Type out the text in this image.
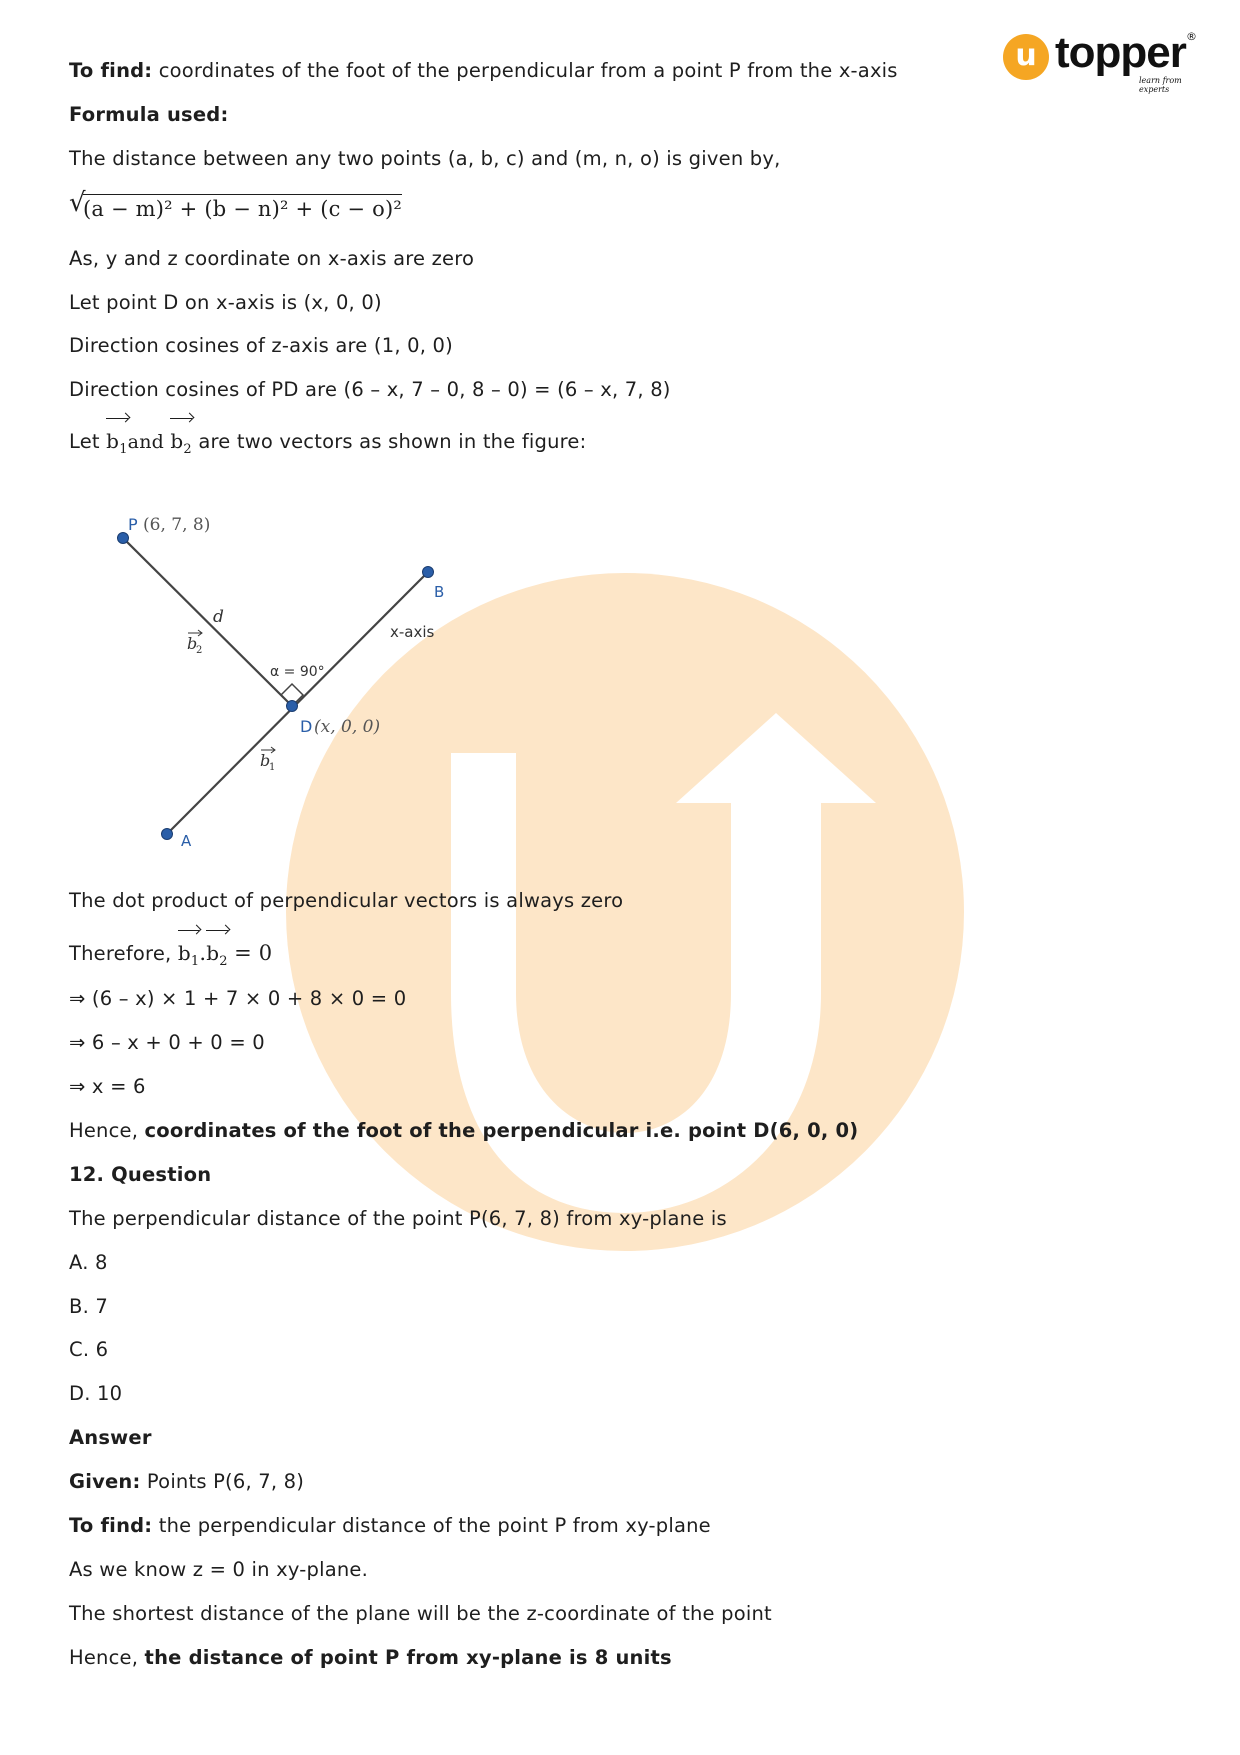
u topper ®
learn from experts
To find: coordinates of the foot of the perpendicular from a point P from the x-axis
Formula used:
The distance between any two points (a, b, c) and (m, n, o) is given by,
√
(a − m)² + (b − n)² + (c − o)²
As, y and z coordinate on x-axis are zero
Let point D on x-axis is (x, 0, 0)
Direction cosines of z-axis are (1, 0, 0)
Direction cosines of PD are (6 – x, 7 – 0, 8 – 0) = (6 – x, 7, 8)
Let $b_1and$ $b_2$ are two vectors as shown in the figure:
The dot product of perpendicular vectors is always zero
Therefore, $b_1$.
$b_2 = 0$
⇒ (6 – x) × 1 + 7 × 0 + 8 × 0 = 0
⇒ 6 – x + 0 + 0 = 0
⇒ x = 6
Hence, coordinates of the foot of the perpendicular i.e. point D(6, 0, 0)
12. Question
The perpendicular distance of the point P(6, 7, 8) from xy-plane is
A. 8
B. 7
C. 6
D. 10
Answer
Given: Points P(6, 7, 8)
To find: the perpendicular distance of the point P from xy-plane
As we know z = 0 in xy-plane.
The shortest distance of the plane will be the z-coordinate of the point
Hence, the distance of point P from xy-plane is 8 units
P (6, 7, 8)
B
A
D (x, 0, 0)
x-axis
d
α = 90°
b
2
b
1
